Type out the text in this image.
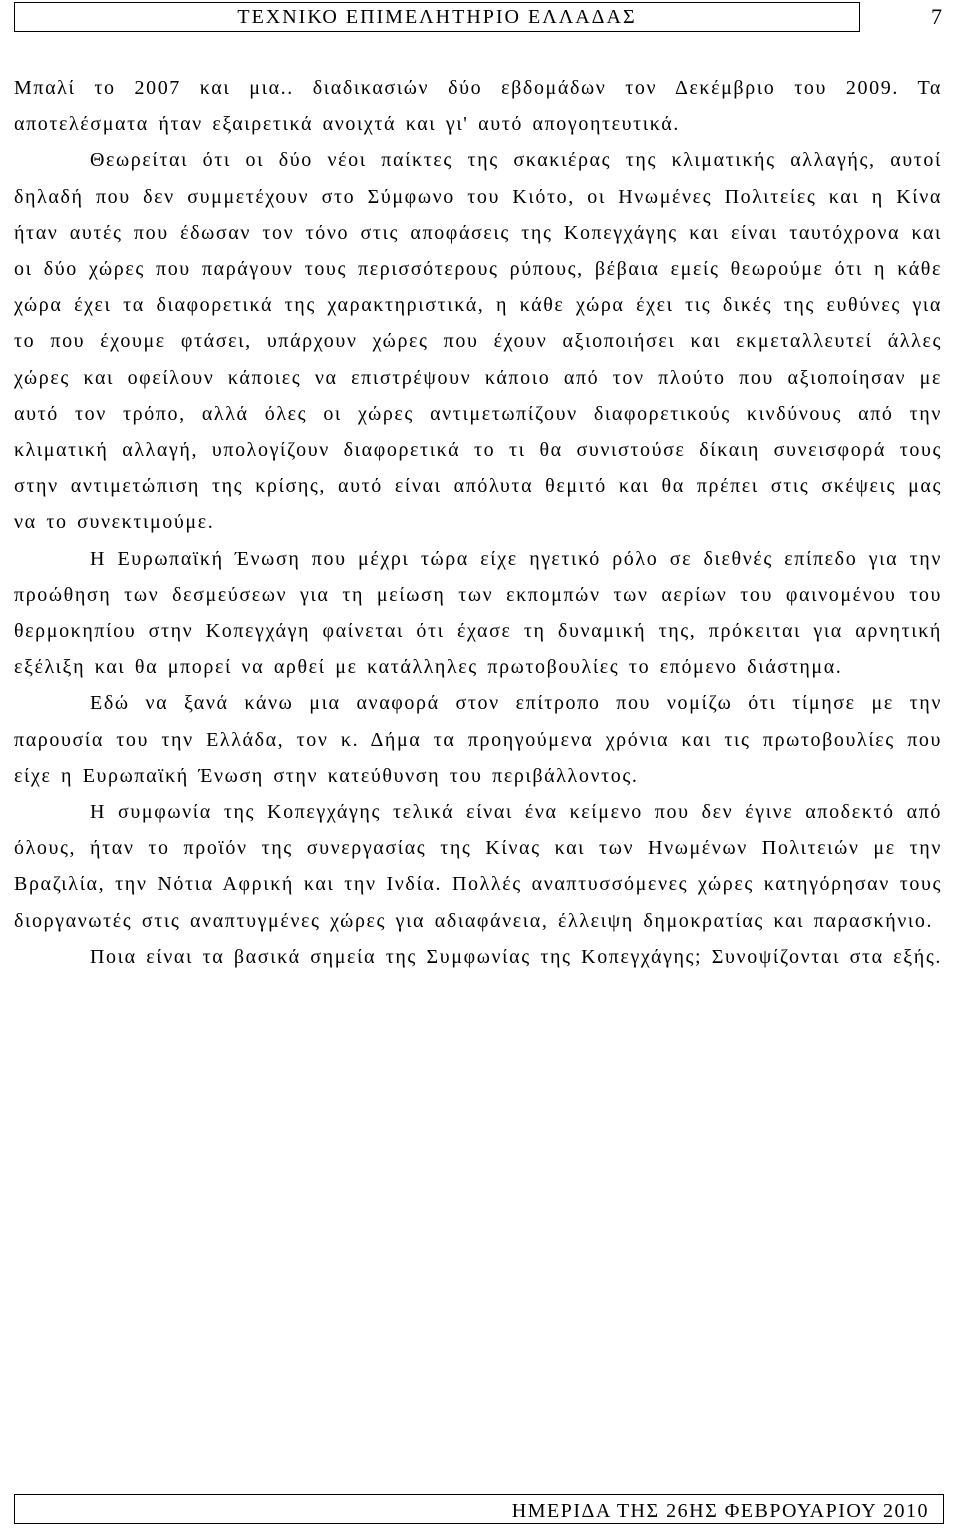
ΤΕΧΝΙΚΟ ΕΠΙΜΕΛΗΤΗΡΙΟ ΕΛΛΑΔΑΣ	7

Μπαλί το 2007 και μια.. διαδικασιών δύο εβδομάδων τον Δεκέμβριο του 2009. Τα αποτελέσματα ήταν εξαιρετικά ανοιχτά και γι' αυτό απογοητευτικά.

Θεωρείται ότι οι δύο νέοι παίκτες της σκακιέρας της κλιματικής αλλαγής, αυτοί δηλαδή που δεν συμμετέχουν στο Σύμφωνο του Κιότο, οι Ηνωμένες Πολιτείες και η Κίνα ήταν αυτές που έδωσαν τον τόνο στις αποφάσεις της Κοπεγχάγης και είναι ταυτόχρονα και οι δύο χώρες που παράγουν τους περισσότερους ρύπους, βέβαια εμείς θεωρούμε ότι η κάθε χώρα έχει τα διαφορετικά της χαρακτηριστικά, η κάθε χώρα έχει τις δικές της ευθύνες για το που έχουμε φτάσει, υπάρχουν χώρες που έχουν αξιοποιήσει και εκμεταλλευτεί άλλες χώρες και οφείλουν κάποιες να επιστρέψουν κάποιο από τον πλούτο που αξιοποίησαν με αυτό τον τρόπο, αλλά όλες οι χώρες αντιμετωπίζουν διαφορετικούς κινδύνους από την κλιματική αλλαγή, υπολογίζουν διαφορετικά το τι θα συνιστούσε δίκαιη συνεισφορά τους στην αντιμετώπιση της κρίσης, αυτό είναι απόλυτα θεμιτό και θα πρέπει στις σκέψεις μας να το συνεκτιμούμε.

Η Ευρωπαϊκή Ένωση που μέχρι τώρα είχε ηγετικό ρόλο σε διεθνές επίπεδο για την προώθηση των δεσμεύσεων για τη μείωση των εκπομπών των αερίων του φαινομένου του θερμοκηπίου στην Κοπεγχάγη φαίνεται ότι έχασε τη δυναμική της, πρόκειται για αρνητική εξέλιξη και θα μπορεί να αρθεί με κατάλληλες πρωτοβουλίες το επόμενο διάστημα.

Εδώ να ξανά κάνω μια αναφορά στον επίτροπο που νομίζω ότι τίμησε με την παρουσία του την Ελλάδα, τον κ. Δήμα τα προηγούμενα χρόνια και τις πρωτοβουλίες που είχε η Ευρωπαϊκή Ένωση στην κατεύθυνση του περιβάλλοντος.

Η συμφωνία της Κοπεγχάγης τελικά είναι ένα κείμενο που δεν έγινε αποδεκτό από όλους, ήταν το προϊόν της συνεργασίας της Κίνας και των Ηνωμένων Πολιτειών με την Βραζιλία, την Νότια Αφρική και την Ινδία. Πολλές αναπτυσσόμενες χώρες κατηγόρησαν τους διοργανωτές στις αναπτυγμένες χώρες για αδιαφάνεια, έλλειψη δημοκρατίας και παρασκήνιο.

Ποια είναι τα βασικά σημεία της Συμφωνίας της Κοπεγχάγης; Συνοψίζονται στα εξής.

ΗΜΕΡΙΔΑ ΤΗΣ 26ΗΣ ΦΕΒΡΟΥΑΡΙΟΥ 2010
